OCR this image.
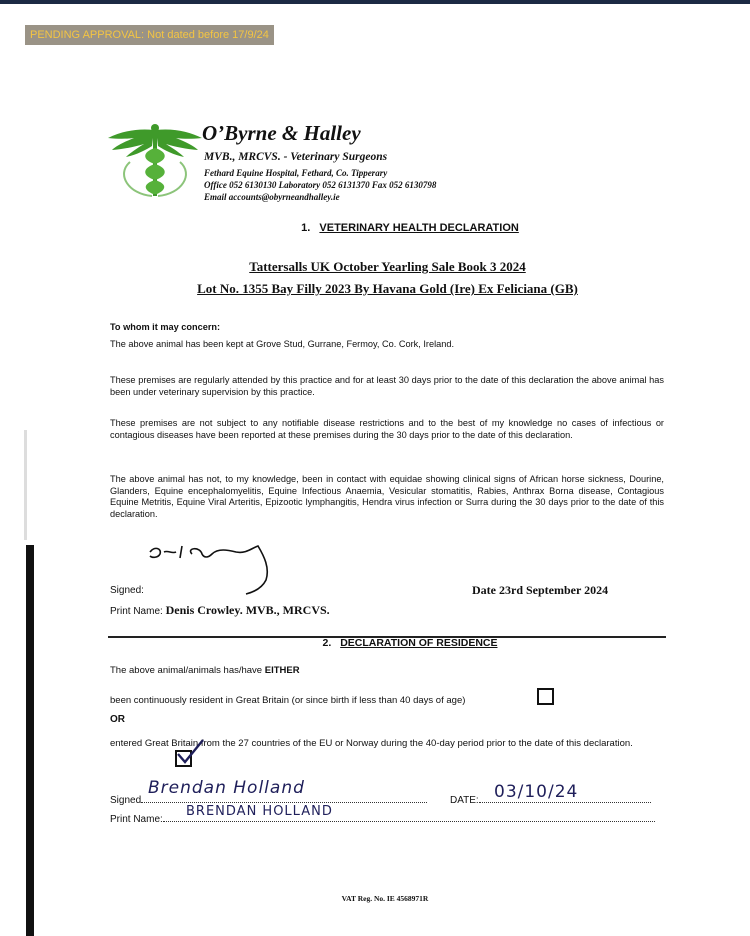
PENDING APPROVAL: Not dated before 17/9/24
O’Byrne & Halley
MVB., MRCVS. - Veterinary Surgeons
Fethard Equine Hospital, Fethard, Co. Tipperary
Office 052 6130130 Laboratory 052 6131370 Fax 052 6130798
Email accounts@obyrneandhalley.ie
1. VETERINARY HEALTH DECLARATION
Tattersalls UK October Yearling Sale Book 3 2024
Lot No. 1355 Bay Filly 2023 By Havana Gold (Ire) Ex Feliciana (GB)
To whom it may concern:
The above animal has been kept at Grove Stud, Gurrane, Fermoy, Co. Cork, Ireland.
These premises are regularly attended by this practice and for at least 30 days prior to the date of this declaration the above animal has been under veterinary supervision by this practice.
These premises are not subject to any notifiable disease restrictions and to the best of my knowledge no cases of infectious or contagious diseases have been reported at these premises during the 30 days prior to the date of this declaration.
The above animal has not, to my knowledge, been in contact with equidae showing clinical signs of African horse sickness, Dourine, Glanders, Equine encephalomyelitis, Equine Infectious Anaemia, Vesicular stomatitis, Rabies, Anthrax Borna disease, Contagious Equine Metritis, Equine Viral Arteritis, Epizootic lymphangitis, Hendra virus infection or Surra during the 30 days prior to the date of this declaration.
Signed:	Date 23rd September 2024
Print Name: Denis Crowley. MVB., MRCVS.
2. DECLARATION OF RESIDENCE
The above animal/animals has/have EITHER
been continuously resident in Great Britain (or since birth if less than 40 days of age)
OR
entered Great Britain from the 27 countries of the EU or Norway during the 40-day period prior to the date of this declaration.
Signed
Brendan Holland
DATE: 03/10/24
Print Name:
BRENDAN HOLLAND
VAT Reg. No. IE 4568971R
